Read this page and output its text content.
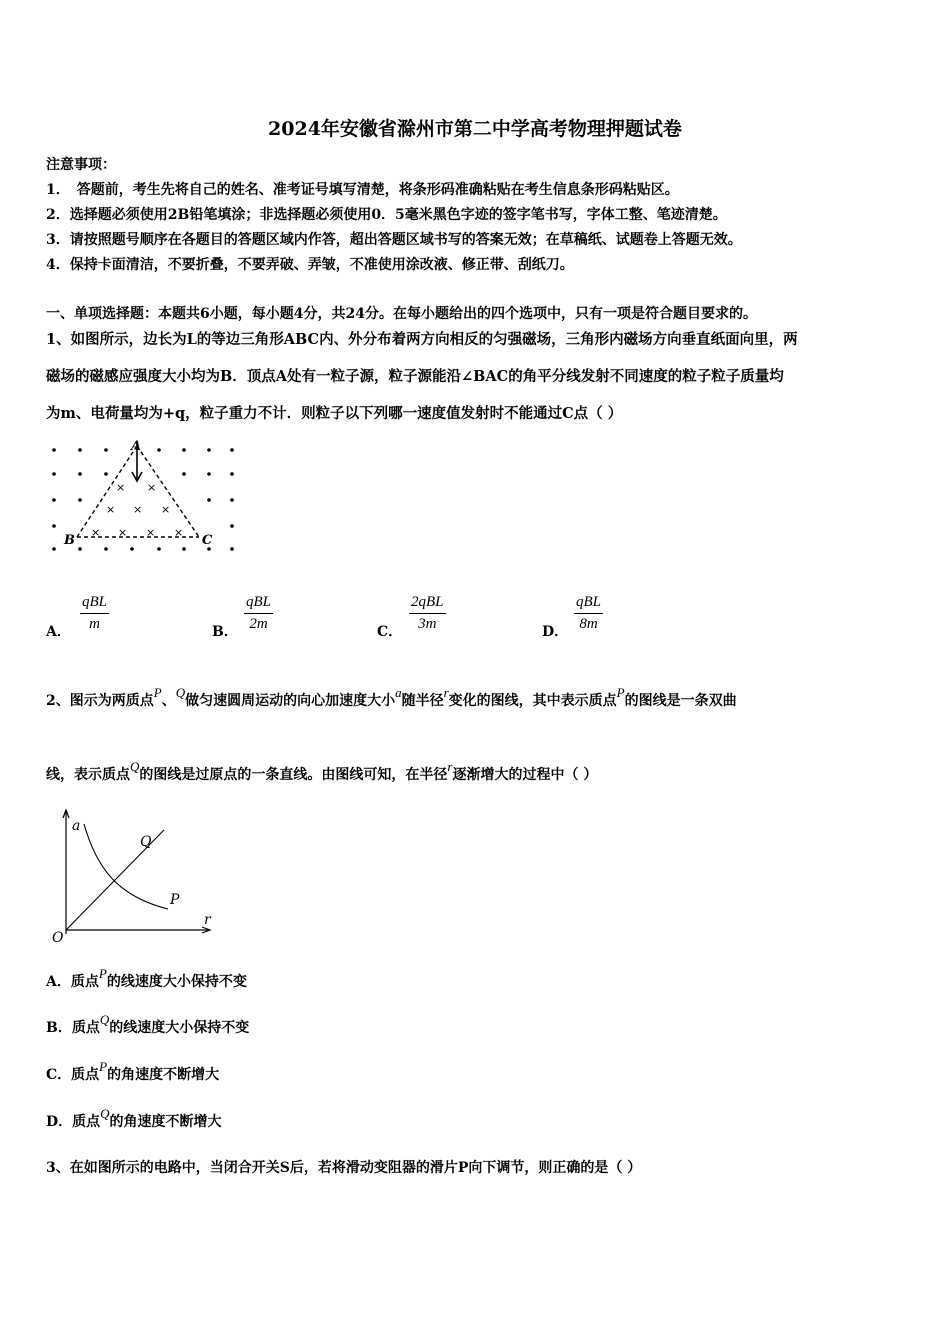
2024年安徽省滁州市第二中学高考物理押题试卷
注意事项：
1．　答题前，考生先将自己的姓名、准考证号填写清楚，将条形码准确粘贴在考生信息条形码粘贴区。
2．选择题必须使用2B铅笔填涂；非选择题必须使用0．5毫米黑色字迹的签字笔书写，字体工整、笔迹清楚。
3．请按照题号顺序在各题目的答题区域内作答，超出答题区域书写的答案无效；在草稿纸、试题卷上答题无效。
4．保持卡面清洁，不要折叠，不要弄破、弄皱，不准使用涂改液、修正带、刮纸刀。
一、单项选择题：本题共6小题，每小题4分，共24分。在每小题给出的四个选项中，只有一项是符合题目要求的。
1、如图所示，边长为L的等边三角形ABC内、外分布着两方向相反的匀强磁场，三角形内磁场方向垂直纸面向里，两
磁场的磁感应强度大小均为B．顶点A处有一粒子源，粒子源能沿∠BAC的角平分线发射不同速度的粒子粒子质量均
为m、电荷量均为+q，粒子重力不计．则粒子以下列哪一速度值发射时不能通过C点（ ）
× ×
× × ×
× × × ×
A
B	C
A．
qBL
m	B．
qBL
2m	C．
2qBL
3m	D．
qBL
8m
2、图示为两质点P、Q做匀速圆周运动的向心加速度大小a随半径r变化的图线，其中表示质点P的图线是一条双曲
线，表示质点Q的图线是过原点的一条直线。由图线可知，在半径r逐渐增大的过程中（ ）
a
r
O
Q
P
A．质点P的线速度大小保持不变
B．质点Q的线速度大小保持不变
C．质点P的角速度不断增大
D．质点Q的角速度不断增大
3、在如图所示的电路中，当闭合开关S后，若将滑动变阻器的滑片P向下调节，则正确的是（ ）
